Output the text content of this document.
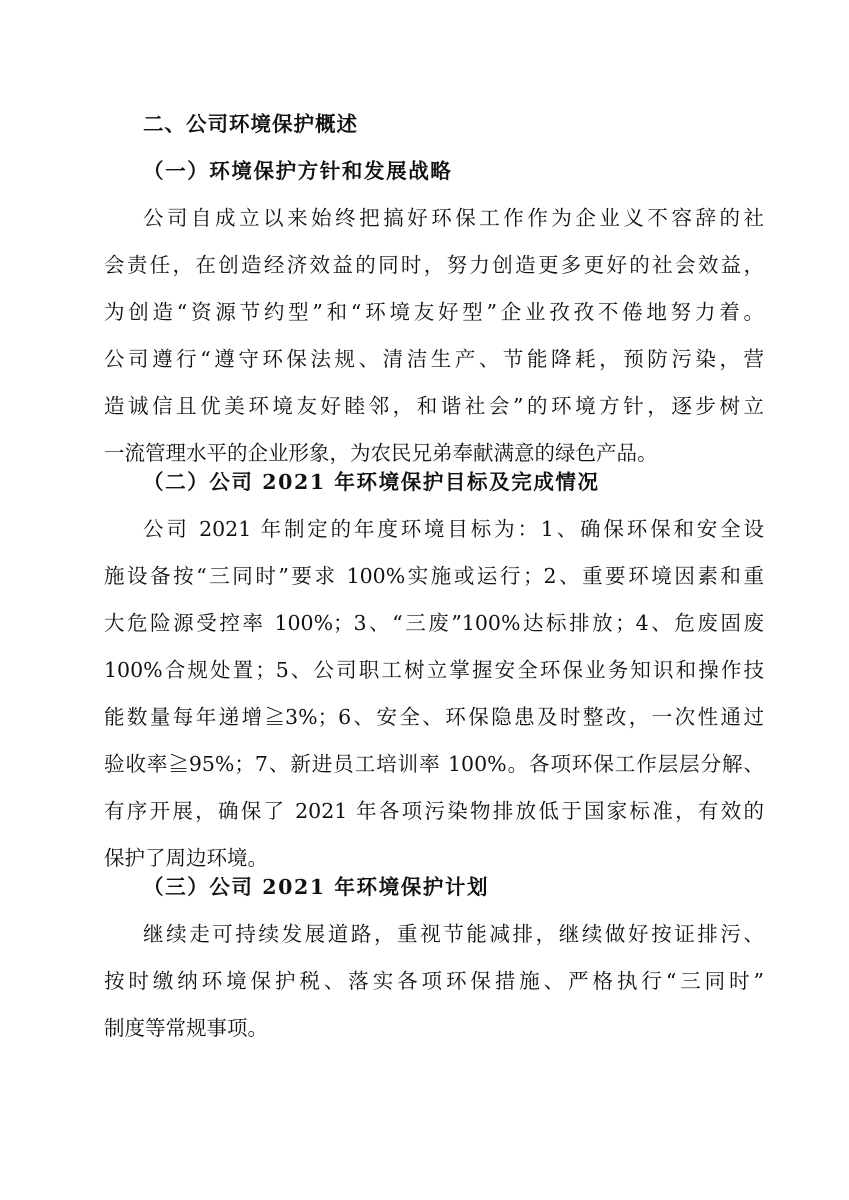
二、公司环境保护概述
（一）环境保护方针和发展战略
公司自成立以来始终把搞好环保工作作为企业义不容辞的社
会责任，在创造经济效益的同时，努力创造更多更好的社会效益，
为创造“资源节约型”和“环境友好型”企业孜孜不倦地努力着。
公司遵行“遵守环保法规、清洁生产、节能降耗，预防污染，营
造诚信且优美环境友好睦邻，和谐社会”的环境方针，逐步树立
一流管理水平的企业形象，为农民兄弟奉献满意的绿色产品。
（二）公司 2021 年环境保护目标及完成情况
公司 2021 年制定的年度环境目标为：1、确保环保和安全设
施设备按“三同时”要求 100%实施或运行；2、重要环境因素和重
大危险源受控率 100%；3、“三废”100%达标排放；4、危废固废
100%合规处置；5、公司职工树立掌握安全环保业务知识和操作技
能数量每年递增≧3%；6、安全、环保隐患及时整改，一次性通过
验收率≧95%；7、新进员工培训率 100%。各项环保工作层层分解、
有序开展，确保了 2021 年各项污染物排放低于国家标准，有效的
保护了周边环境。
（三）公司 2021 年环境保护计划
继续走可持续发展道路，重视节能减排，继续做好按证排污、
按时缴纳环境保护税、落实各项环保措施、严格执行“三同时”
制度等常规事项。
